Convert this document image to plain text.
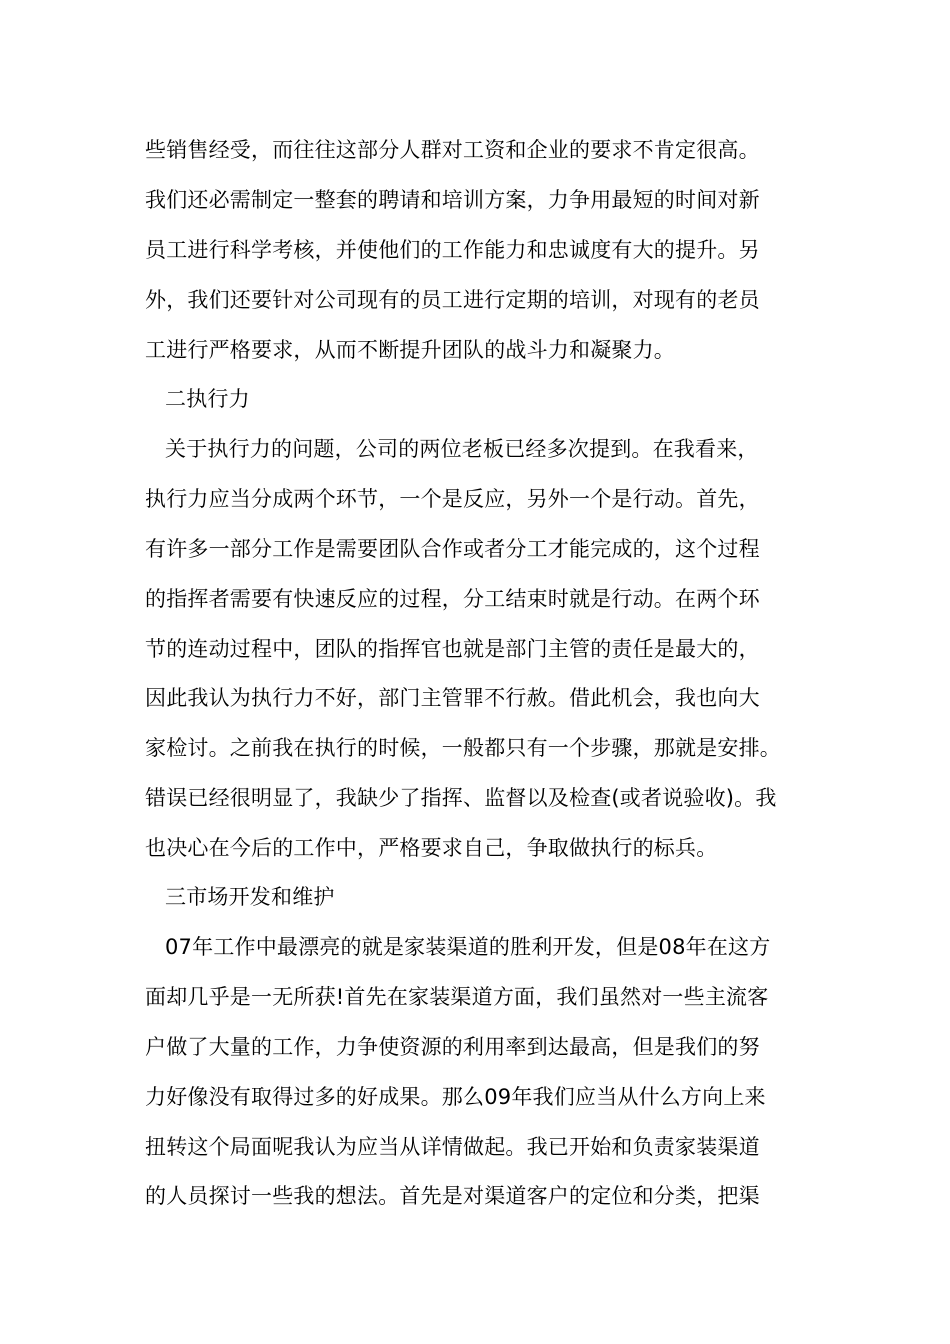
些销售经受，而往往这部分人群对工资和企业的要求不肯定很高。
我们还必需制定一整套的聘请和培训方案，力争用最短的时间对新
员工进行科学考核，并使他们的工作能力和忠诚度有大的提升。另
外，我们还要针对公司现有的员工进行定期的培训，对现有的老员
工进行严格要求，从而不断提升团队的战斗力和凝聚力。
二执行力
关于执行力的问题，公司的两位老板已经多次提到。在我看来，
执行力应当分成两个环节，一个是反应，另外一个是行动。首先，
有许多一部分工作是需要团队合作或者分工才能完成的，这个过程
的指挥者需要有快速反应的过程，分工结束时就是行动。在两个环
节的连动过程中，团队的指挥官也就是部门主管的责任是最大的，
因此我认为执行力不好，部门主管罪不行赦。借此机会，我也向大
家检讨。之前我在执行的时候，一般都只有一个步骤，那就是安排。
错误已经很明显了，我缺少了指挥、监督以及检查(或者说验收)。我
也决心在今后的工作中，严格要求自己，争取做执行的标兵。
三市场开发和维护
07年工作中最漂亮的就是家装渠道的胜利开发，但是08年在这方
面却几乎是一无所获!首先在家装渠道方面，我们虽然对一些主流客
户做了大量的工作，力争使资源的利用率到达最高，但是我们的努
力好像没有取得过多的好成果。那么09年我们应当从什么方向上来
扭转这个局面呢我认为应当从详情做起。我已开始和负责家装渠道
的人员探讨一些我的想法。首先是对渠道客户的定位和分类，把渠
